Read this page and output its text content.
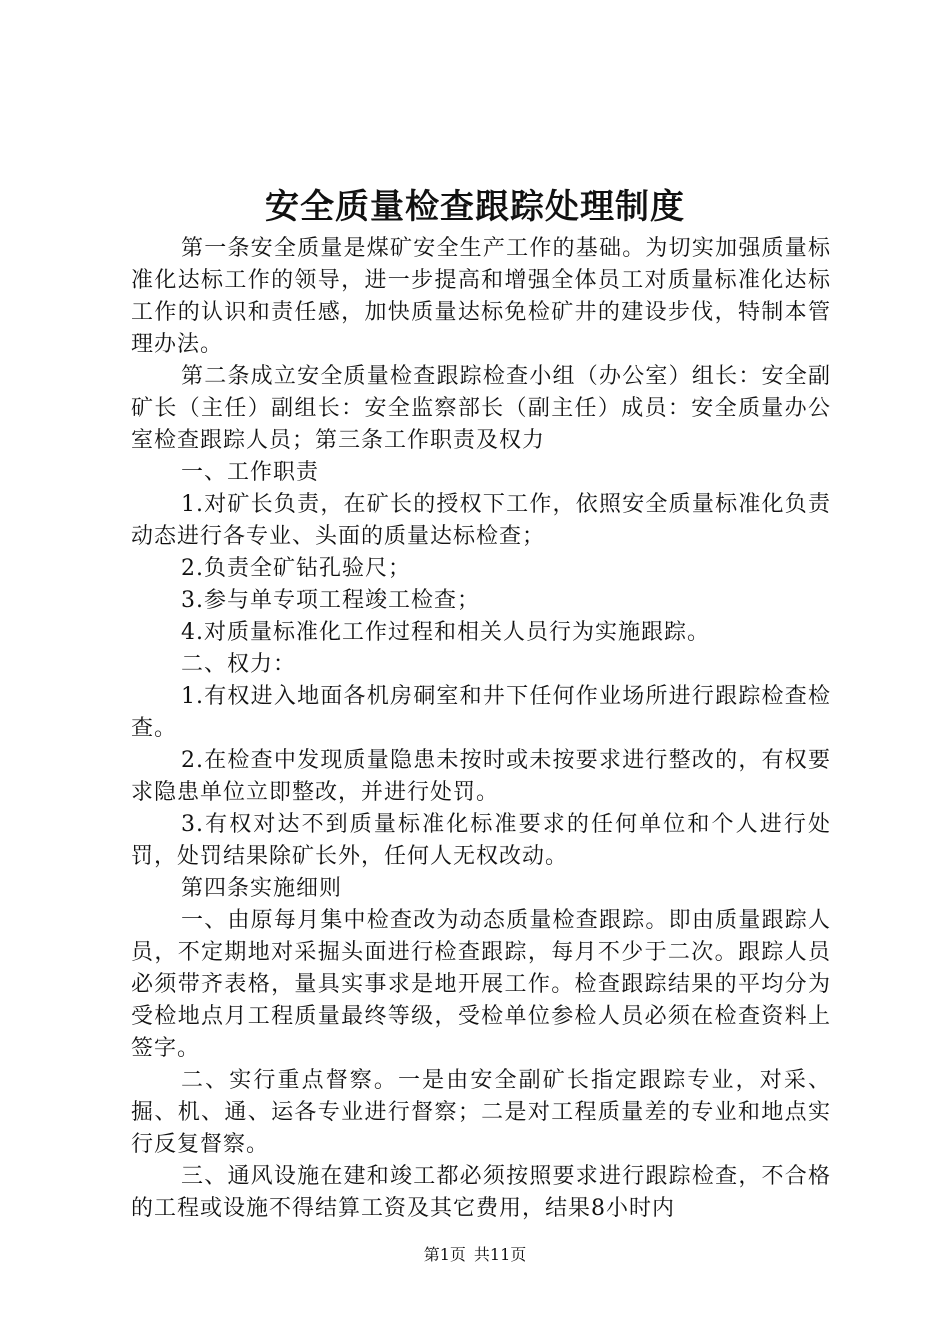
安全质量检查跟踪处理制度

第一条安全质量是煤矿安全生产工作的基础。为切实加强质量标准化达标工作的领导，进一步提高和增强全体员工对质量标准化达标工作的认识和责任感，加快质量达标免检矿井的建设步伐，特制本管理办法。

第二条成立安全质量检查跟踪检查小组（办公室）组长：安全副矿长（主任）副组长：安全监察部长（副主任）成员：安全质量办公室检查跟踪人员；第三条工作职责及权力

一、工作职责

1.对矿长负责，在矿长的授权下工作，依照安全质量标准化负责动态进行各专业、头面的质量达标检查；

2.负责全矿钻孔验尺；

3.参与单专项工程竣工检查；

4.对质量标准化工作过程和相关人员行为实施跟踪。

二、权力：

1.有权进入地面各机房硐室和井下任何作业场所进行跟踪检查检查。

2.在检查中发现质量隐患未按时或未按要求进行整改的，有权要求隐患单位立即整改，并进行处罚。

3.有权对达不到质量标准化标准要求的任何单位和个人进行处罚，处罚结果除矿长外，任何人无权改动。

第四条实施细则

一、由原每月集中检查改为动态质量检查跟踪。即由质量跟踪人员，不定期地对采掘头面进行检查跟踪，每月不少于二次。跟踪人员必须带齐表格，量具实事求是地开展工作。检查跟踪结果的平均分为受检地点月工程质量最终等级，受检单位参检人员必须在检查资料上签字。

二、实行重点督察。一是由安全副矿长指定跟踪专业，对采、掘、机、通、运各专业进行督察；二是对工程质量差的专业和地点实行反复督察。

三、通风设施在建和竣工都必须按照要求进行跟踪检查，不合格的工程或设施不得结算工资及其它费用，结果8小时内

第1页 共11页
